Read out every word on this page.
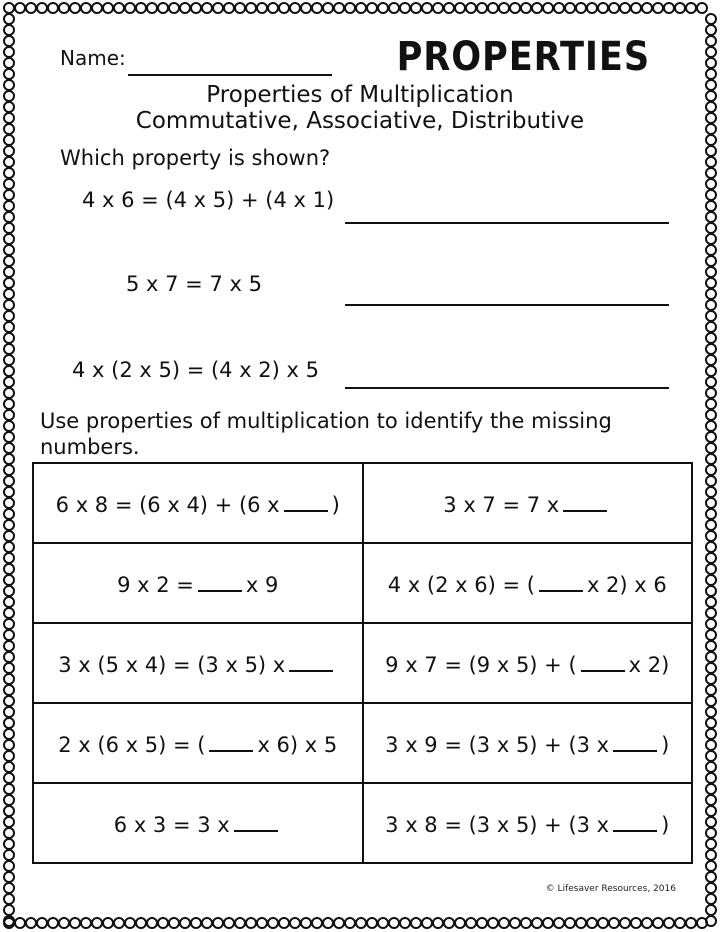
Name:	PROPERTIES
Properties of Multiplication
Commutative, Associative, Distributive
Which property is shown?
4 x 6 = (4 x 5) + (4 x 1)
5 x 7 = 7 x 5
4 x (2 x 5) = (4 x 2) x 5
Use properties of multiplication to identify the missing numbers.
6 x 8 = (6 x 4) + (6 x )	3 x 7 = 7 x
9 x 2 = x 9	4 x (2 x 6) = ( x 2) x 6
3 x (5 x 4) = (3 x 5) x	9 x 7 = (9 x 5) + ( x 2)
2 x (6 x 5) = ( x 6) x 5	3 x 9 = (3 x 5) + (3 x )
6 x 3 = 3 x	3 x 8 = (3 x 5) + (3 x )
© Lifesaver Resources, 2016
